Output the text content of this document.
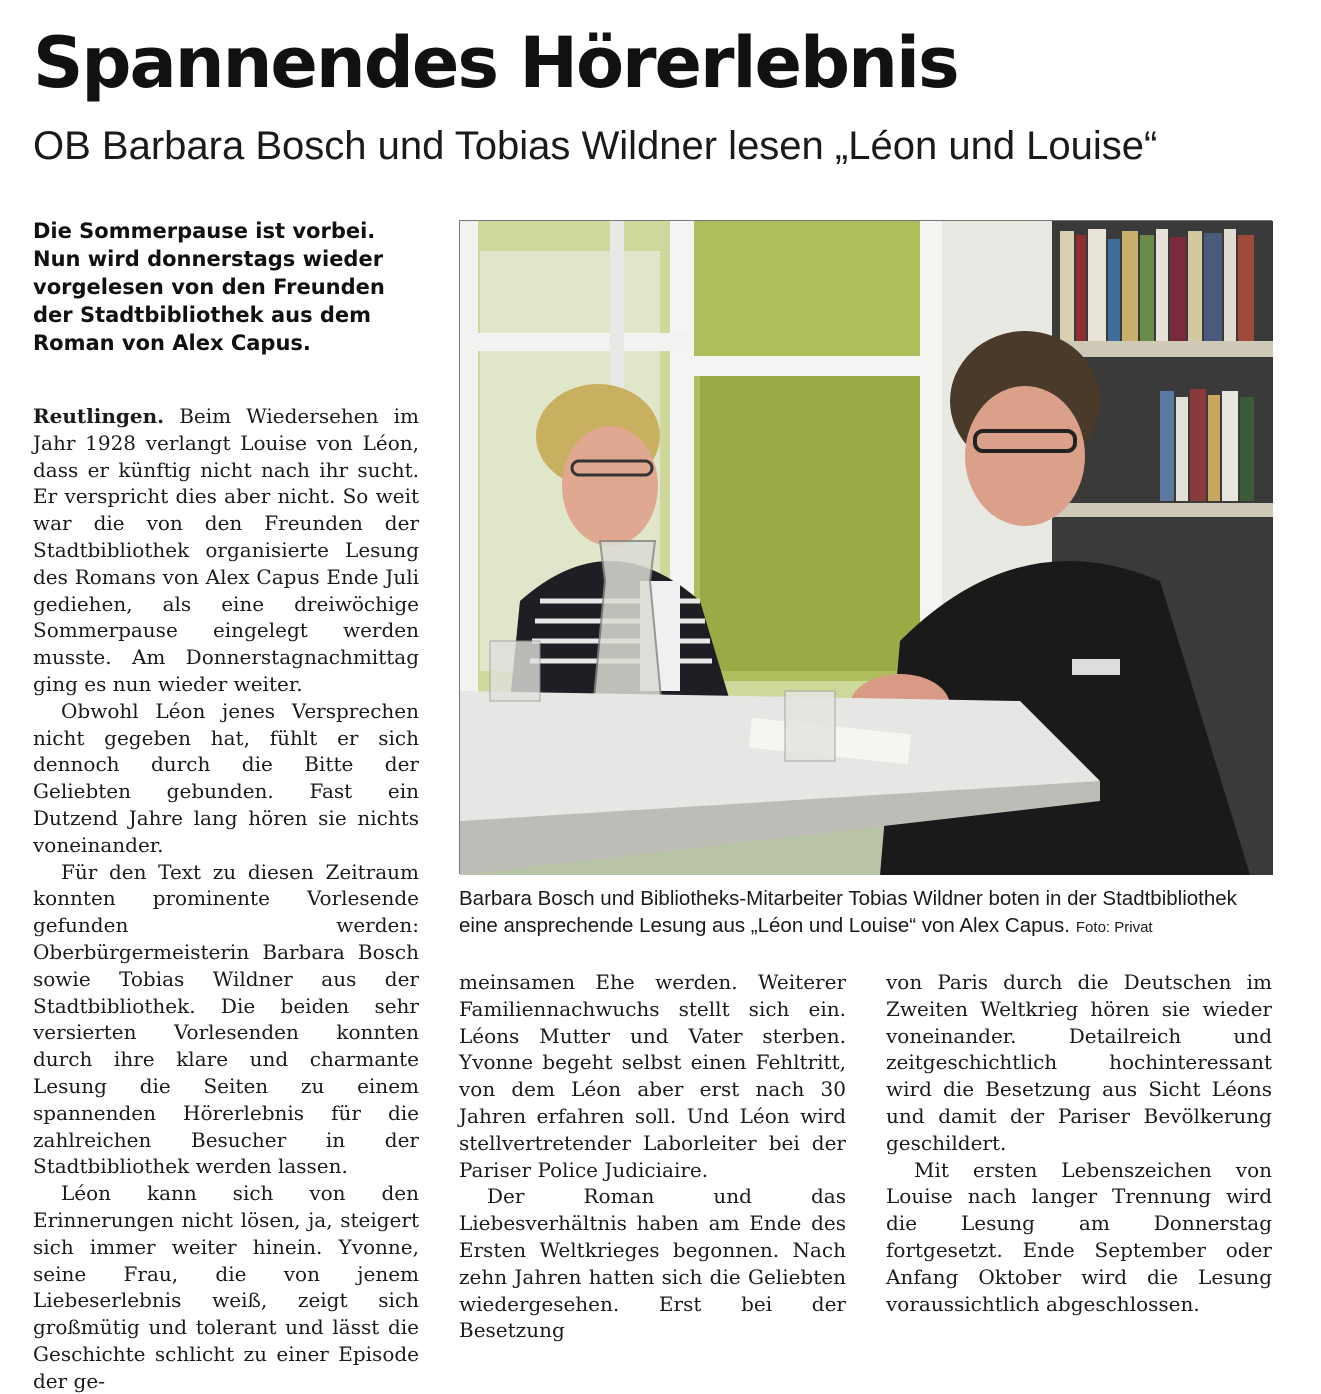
Spannendes Hörerlebnis
OB Barbara Bosch und Tobias Wildner lesen „Léon und Louise“

Die Sommerpause ist vorbei. Nun wird donnerstags wieder vorgelesen von den Freunden der Stadtbibliothek aus dem Roman von Alex Capus.

Reutlingen. Beim Wiedersehen im Jahr 1928 verlangt Louise von Léon, dass er künftig nicht nach ihr sucht. Er verspricht dies aber nicht. So weit war die von den Freunden der Stadtbibliothek organisierte Lesung des Romans von Alex Capus Ende Juli gediehen, als eine dreiwöchige Sommerpause eingelegt werden musste. Am Donnerstagnachmittag ging es nun wieder weiter.

Obwohl Léon jenes Versprechen nicht gegeben hat, fühlt er sich dennoch durch die Bitte der Geliebten gebunden. Fast ein Dutzend Jahre lang hören sie nichts voneinander.

Für den Text zu diesen Zeitraum konnten prominente Vorlesende gefunden werden: Oberbürgermeisterin Barbara Bosch sowie Tobias Wildner aus der Stadtbibliothek. Die beiden sehr versierten Vorlesenden konnten durch ihre klare und charmante Lesung die Seiten zu einem spannenden Hörerlebnis für die zahlreichen Besucher in der Stadtbibliothek werden lassen.

Léon kann sich von den Erinnerungen nicht lösen, ja, steigert sich immer weiter hinein. Yvonne, seine Frau, die von jenem Liebeserlebnis weiß, zeigt sich großmütig und tolerant und lässt die Geschichte schlicht zu einer Episode der ge-

Barbara Bosch und Bibliotheks-Mitarbeiter Tobias Wildner boten in der Stadtbibliothek eine ansprechende Lesung aus „Léon und Louise“ von Alex Capus. Foto: Privat

meinsamen Ehe werden. Weiterer Familiennachwuchs stellt sich ein. Léons Mutter und Vater sterben. Yvonne begeht selbst einen Fehltritt, von dem Léon aber erst nach 30 Jahren erfahren soll. Und Léon wird stellvertretender Laborleiter bei der Pariser Police Judiciaire.

Der Roman und das Liebesverhältnis haben am Ende des Ersten Weltkrieges begonnen. Nach zehn Jahren hatten sich die Geliebten wiedergesehen. Erst bei der Besetzung

von Paris durch die Deutschen im Zweiten Weltkrieg hören sie wieder voneinander. Detailreich und zeitgeschichtlich hochinteressant wird die Besetzung aus Sicht Léons und damit der Pariser Bevölkerung geschildert.

Mit ersten Lebenszeichen von Louise nach langer Trennung wird die Lesung am Donnerstag fortgesetzt. Ende September oder Anfang Oktober wird die Lesung voraussichtlich abgeschlossen.
